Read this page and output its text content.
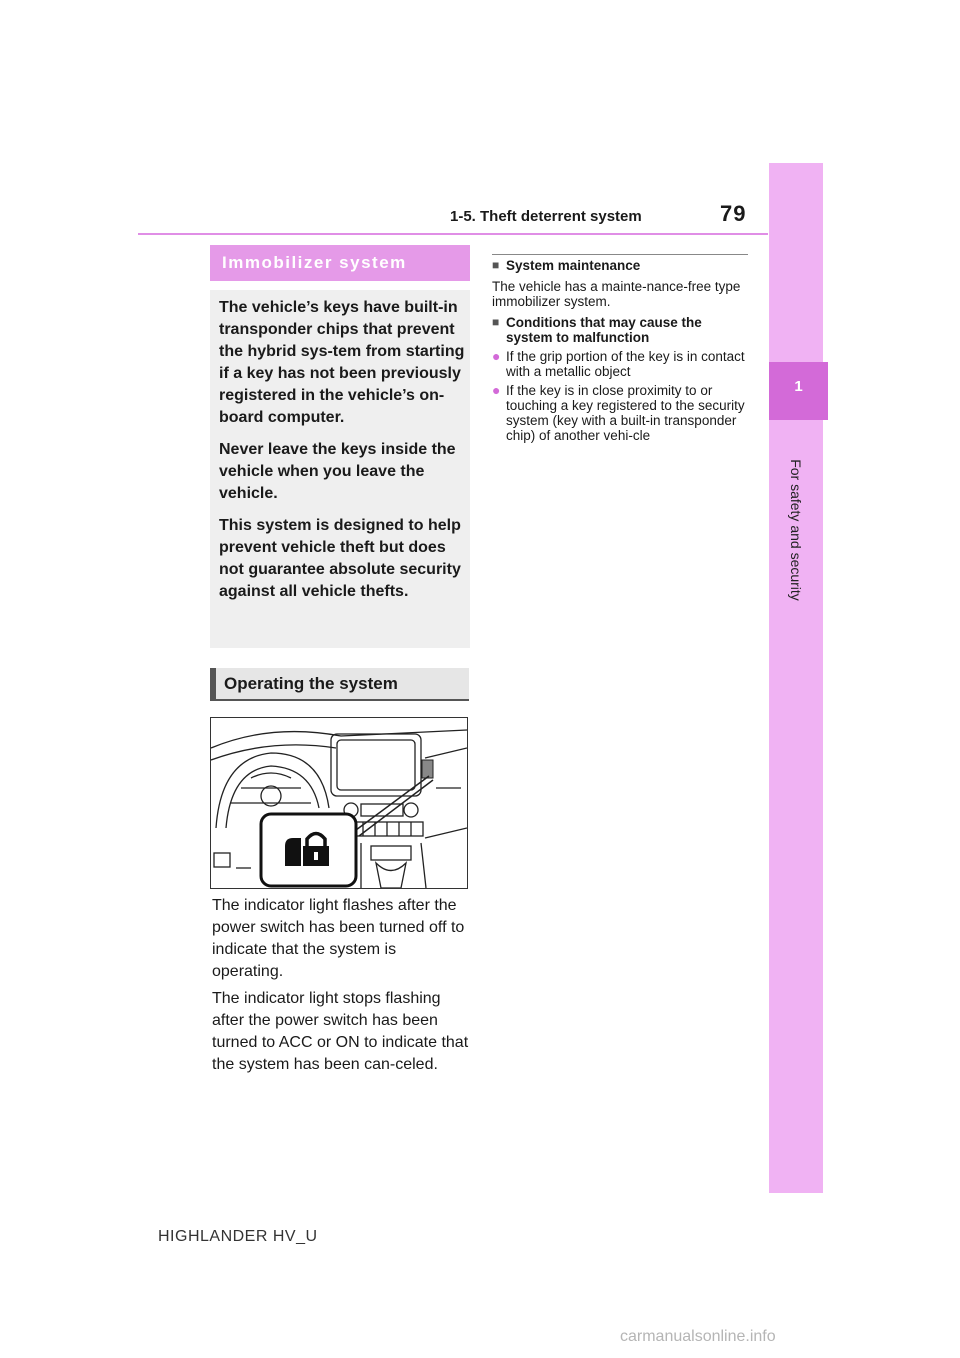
1-5. Theft deterrent system	79
1
For safety and security
Immobilizer system

The vehicle’s keys have built-in transponder chips that prevent the hybrid sys-tem from starting if a key has not been previously registered in the vehicle’s on-board computer.

Never leave the keys inside the vehicle when you leave the vehicle.

This system is designed to help prevent vehicle theft but does not guarantee absolute security against all vehicle thefts.

Operating the system
The indicator light flashes after the power switch has been turned off to indicate that the system is operating.
The indicator light stops flashing after the power switch has been turned to ACC or ON to indicate that the system has been can-celed.

■ System maintenance

The vehicle has a mainte-nance-free type immobilizer system.

■ Conditions that may cause the system to malfunction

● If the grip portion of the key is in contact with a metallic object

● If the key is in close proximity to or touching a key registered to the security system (key with a built-in transponder chip) of another vehi-cle

HIGHLANDER HV_U
carmanualsonline.info
